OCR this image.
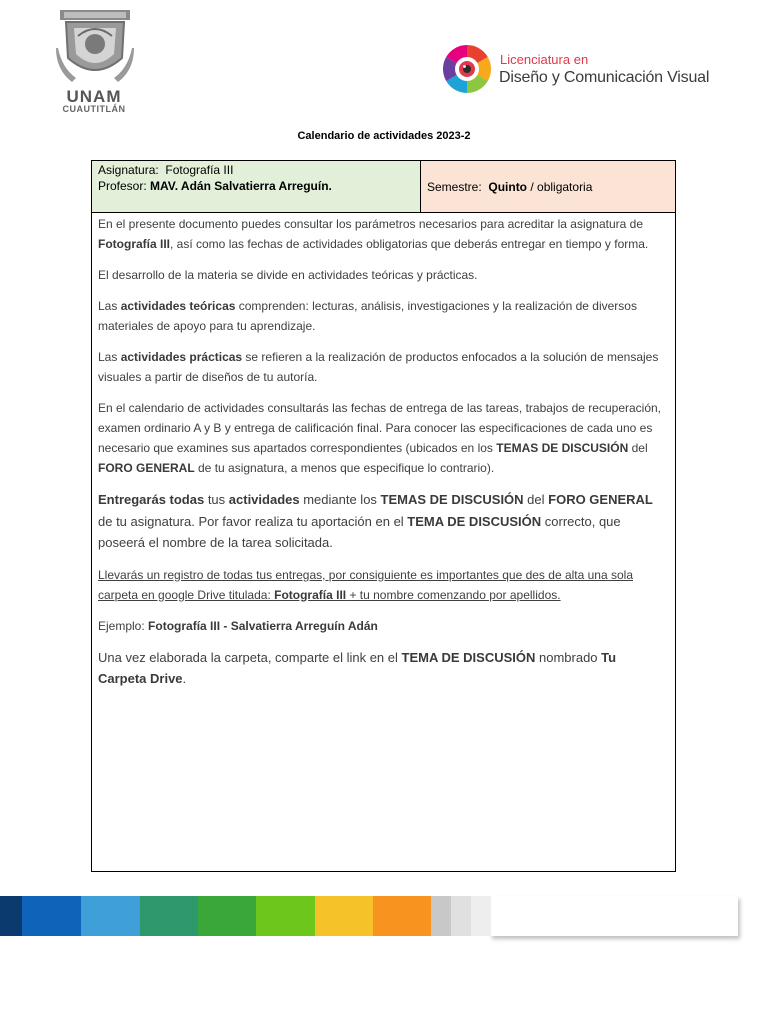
UNAM
CUAUTITLÁN
Licenciatura en
Diseño y Comunicación Visual
Calendario de actividades 2023-2
Asignatura: Fotografía III
Profesor: MAV. Adán Salvatierra Arreguín.	Semestre: Quinto / obligatoria

En el presente documento puedes consultar los parámetros necesarios para acreditar la asignatura de Fotografía III, así como las fechas de actividades obligatorias que deberás entregar en tiempo y forma.

El desarrollo de la materia se divide en actividades teóricas y prácticas.

Las actividades teóricas comprenden: lecturas, análisis, investigaciones y la realización de diversos materiales de apoyo para tu aprendizaje.

Las actividades prácticas se refieren a la realización de productos enfocados a la solución de mensajes visuales a partir de diseños de tu autoría.

En el calendario de actividades consultarás las fechas de entrega de las tareas, trabajos de recuperación, examen ordinario A y B y entrega de calificación final. Para conocer las especificaciones de cada uno es necesario que examines sus apartados correspondientes (ubicados en los TEMAS DE DISCUSIÓN del FORO GENERAL de tu asignatura, a menos que especifique lo contrario).

Entregarás todas tus actividades mediante los TEMAS DE DISCUSIÓN del FORO GENERAL de tu asignatura. Por favor realiza tu aportación en el TEMA DE DISCUSIÓN correcto, que poseerá el nombre de la tarea solicitada.

Llevarás un registro de todas tus entregas, por consiguiente es importantes que des de alta una sola carpeta en google Drive titulada: Fotografía III + tu nombre comenzando por apellidos.

Ejemplo: Fotografía III - Salvatierra Arreguín Adán

Una vez elaborada la carpeta, comparte el link en el TEMA DE DISCUSIÓN nombrado Tu Carpeta Drive.
